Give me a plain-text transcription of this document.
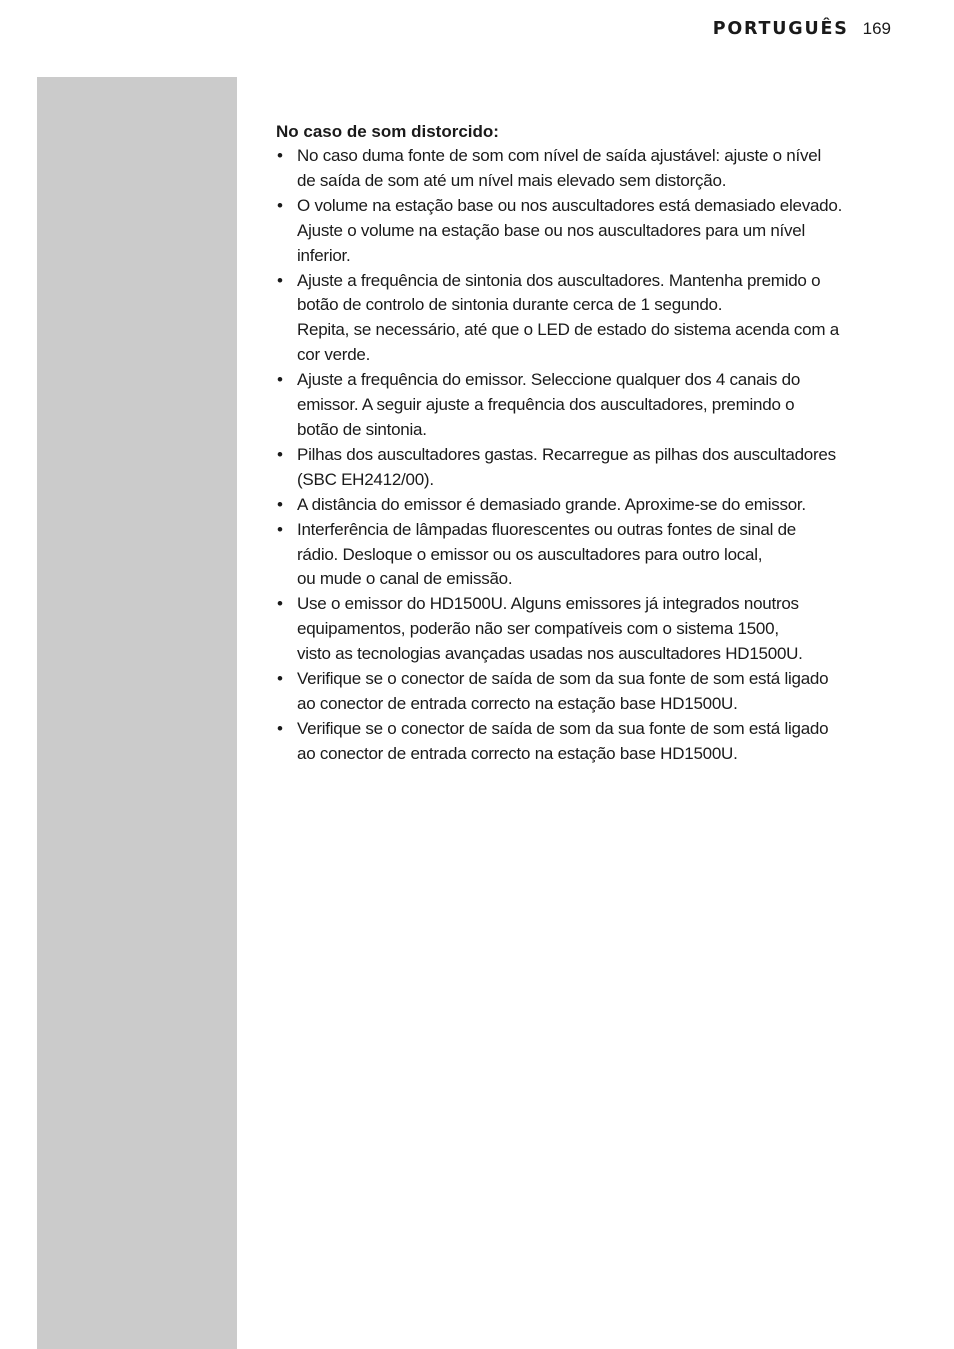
PORTUGUÊS 169

No caso de som distorcido:

• No caso duma fonte de som com nível de saída ajustável: ajuste o nível
de saída de som até um nível mais elevado sem distorção.
• O volume na estação base ou nos auscultadores está demasiado elevado.
Ajuste o volume na estação base ou nos auscultadores para um nível
inferior.
• Ajuste a frequência de sintonia dos auscultadores. Mantenha premido o
botão de controlo de sintonia durante cerca de 1 segundo.
Repita, se necessário, até que o LED de estado do sistema acenda com a
cor verde.
• Ajuste a frequência do emissor. Seleccione qualquer dos 4 canais do
emissor. A seguir ajuste a frequência dos auscultadores, premindo o
botão de sintonia.
• Pilhas dos auscultadores gastas. Recarregue as pilhas dos auscultadores
(SBC EH2412/00).
• A distância do emissor é demasiado grande. Aproxime-se do emissor.
• Interferência de lâmpadas fluorescentes ou outras fontes de sinal de
rádio. Desloque o emissor ou os auscultadores para outro local,
ou mude o canal de emissão.
• Use o emissor do HD1500U. Alguns emissores já integrados noutros
equipamentos, poderão não ser compatíveis com o sistema 1500,
visto as tecnologias avançadas usadas nos auscultadores HD1500U.
• Verifique se o conector de saída de som da sua fonte de som está ligado
ao conector de entrada correcto na estação base HD1500U.
• Verifique se o conector de saída de som da sua fonte de som está ligado
ao conector de entrada correcto na estação base HD1500U.
